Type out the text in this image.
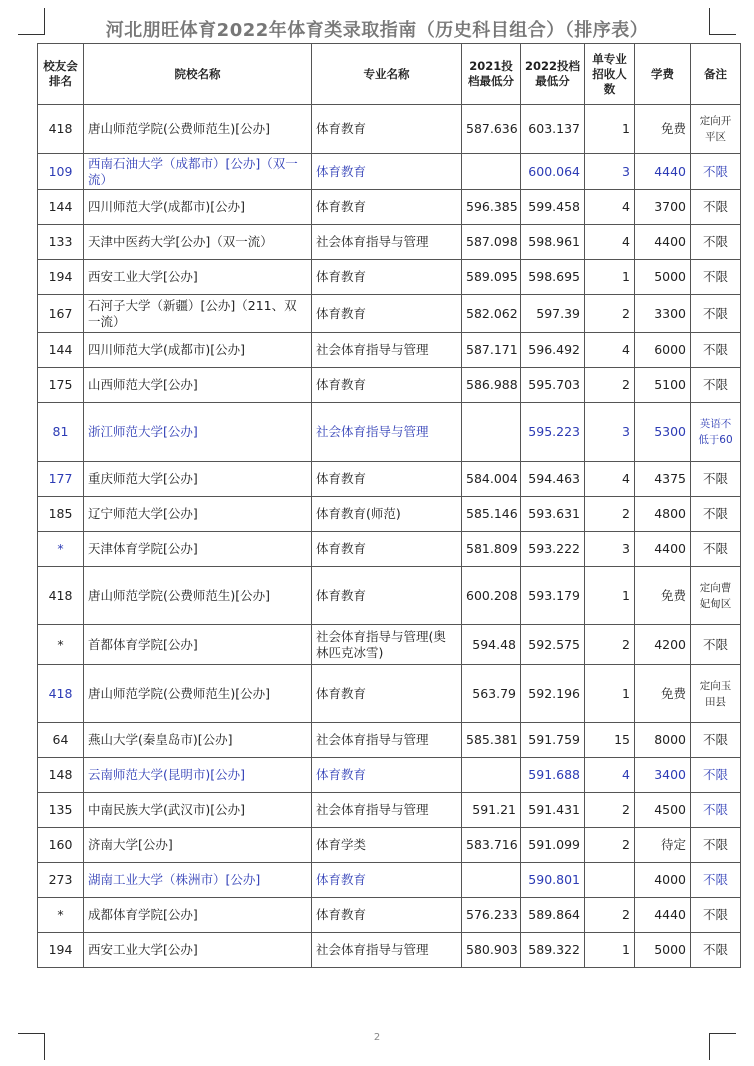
河北朋旺体育2022年体育类录取指南（历史科目组合）（排序表）
校友会排名	院校名称	专业名称	2021投档最低分	2022投档最低分	单专业招收人数	学费	备注
418	唐山师范学院(公费师范生)[公办]	体育教育	587.636	603.137	1	免费	定向开平区
109	西南石油大学（成都市）[公办]（双一流）	体育教育		600.064	3	4440	不限
144	四川师范大学(成都市)[公办]	体育教育	596.385	599.458	4	3700	不限
133	天津中医药大学[公办]（双一流）	社会体育指导与管理	587.098	598.961	4	4400	不限
194	西安工业大学[公办]	体育教育	589.095	598.695	1	5000	不限
167	石河子大学（新疆）[公办]（211、双一流）	体育教育	582.062	597.39	2	3300	不限
144	四川师范大学(成都市)[公办]	社会体育指导与管理	587.171	596.492	4	6000	不限
175	山西师范大学[公办]	体育教育	586.988	595.703	2	5100	不限
81	浙江师范大学[公办]	社会体育指导与管理		595.223	3	5300	英语不低于60
177	重庆师范大学[公办]	体育教育	584.004	594.463	4	4375	不限
185	辽宁师范大学[公办]	体育教育(师范)	585.146	593.631	2	4800	不限
*	天津体育学院[公办]	体育教育	581.809	593.222	3	4400	不限
418	唐山师范学院(公费师范生)[公办]	体育教育	600.208	593.179	1	免费	定向曹妃甸区
*	首都体育学院[公办]	社会体育指导与管理(奥林匹克冰雪)	594.48	592.575	2	4200	不限
418	唐山师范学院(公费师范生)[公办]	体育教育	563.79	592.196	1	免费	定向玉田县
64	燕山大学(秦皇岛市)[公办]	社会体育指导与管理	585.381	591.759	15	8000	不限
148	云南师范大学(昆明市)[公办]	体育教育		591.688	4	3400	不限
135	中南民族大学(武汉市)[公办]	社会体育指导与管理	591.21	591.431	2	4500	不限
160	济南大学[公办]	体育学类	583.716	591.099	2	待定	不限
273	湖南工业大学（株洲市）[公办]	体育教育		590.801		4000	不限
*	成都体育学院[公办]	体育教育	576.233	589.864	2	4440	不限
194	西安工业大学[公办]	社会体育指导与管理	580.903	589.322	1	5000	不限
2
